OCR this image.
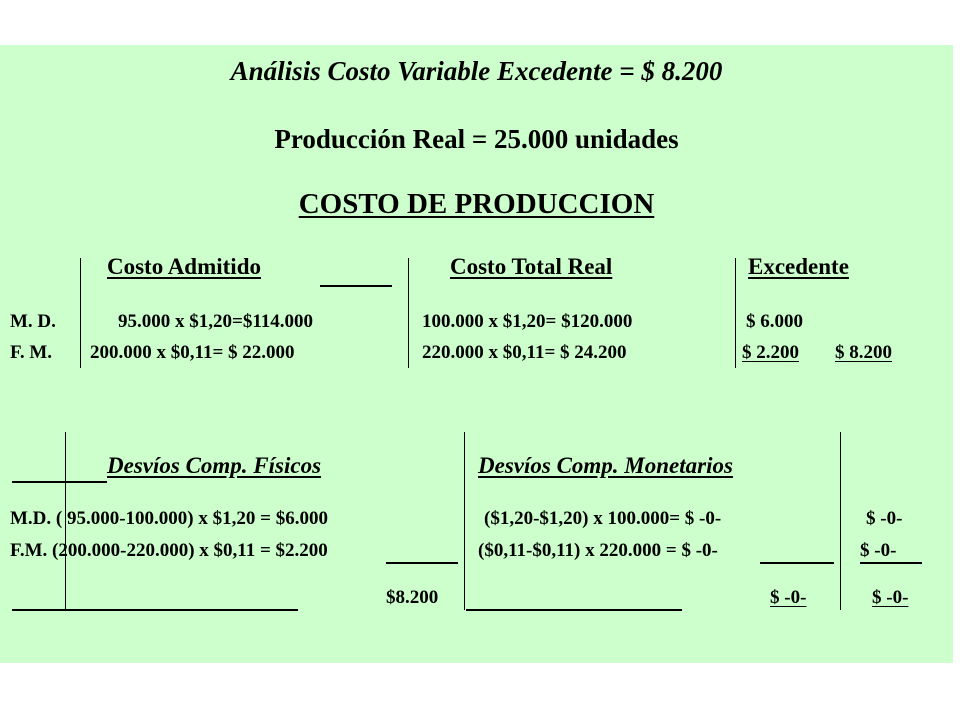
Análisis Costo Variable Excedente = $ 8.200
Producción Real = 25.000 unidades
COSTO DE PRODUCCION
Costo Admitido	Costo Total Real	Excedente
M. D.	95.000 x $1,20=$114.000	100.000 x $1,20= $120.000	$ 6.000
F. M. 200.000 x $0,11= $ 22.000	220.000 x $0,11= $ 24.200	$ 2.200 $ 8.200
Desvíos Comp. Físicos	Desvíos Comp. Monetarios
M.D. ( 95.000-100.000) x $1,20 = $6.000	($1,20-$1,20) x 100.000= $ -0-	$ -0-
F.M. (200.000-220.000) x $0,11 = $2.200	($0,11-$0,11) x 220.000 = $ -0-	$ -0-
$8.200	$ -0-	$ -0-
